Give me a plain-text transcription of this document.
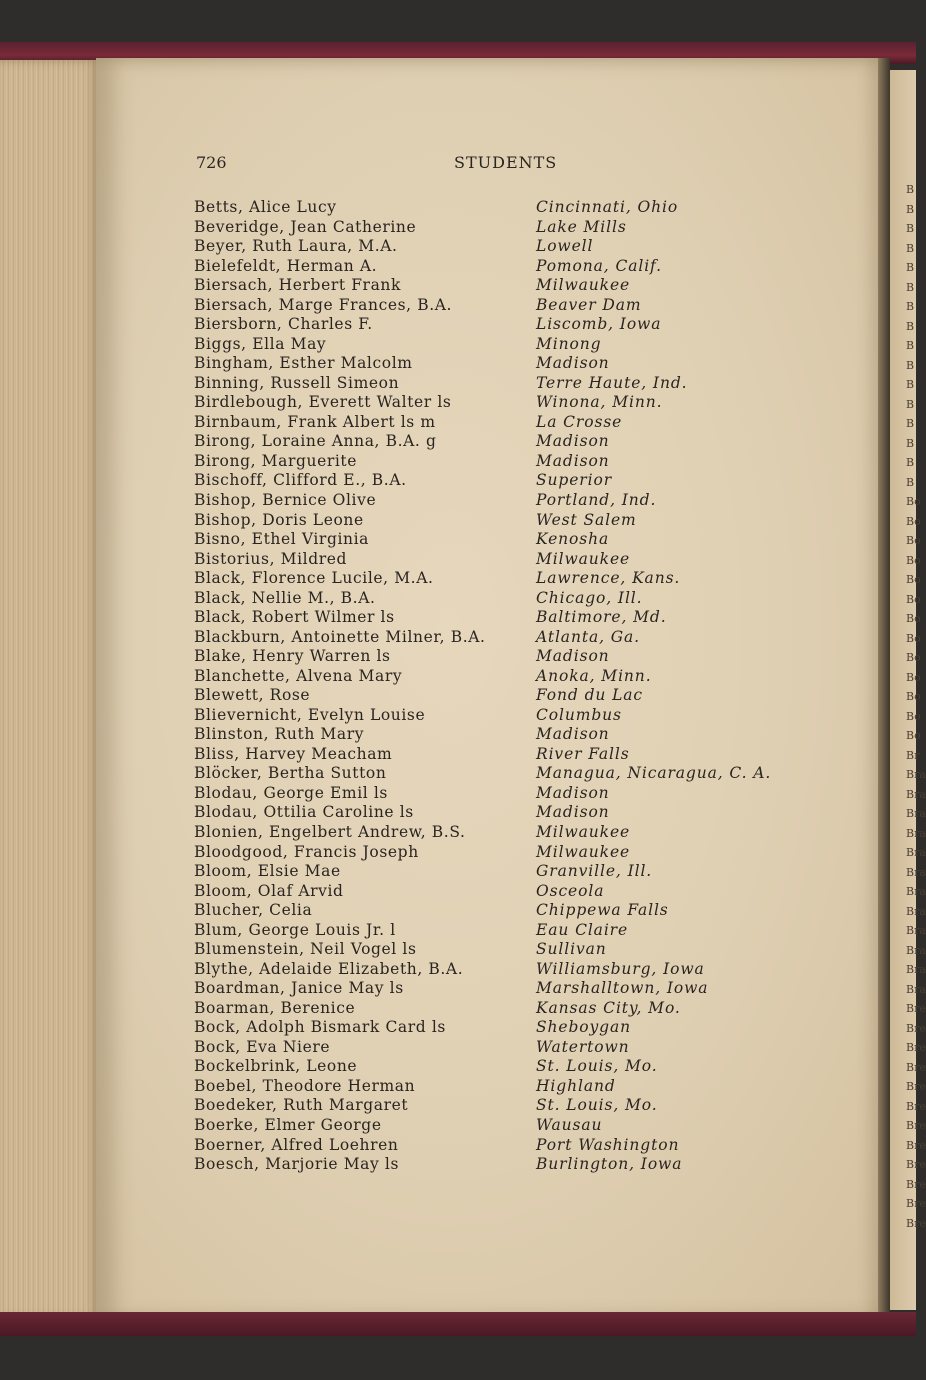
B
B
B
B
B
B
B
B
B
B
B
B
B
B
B
B
Bo
Bo
Bo
Bo
Bo
Bo
Bo
Bo
Bo
Bo
Bo
Bo
Bo
Br
Bra
Bra
Bra
Bra
Bra
Bra
Bra
Bra
Bra
Bra
Bra
Bra
Bre
Bre
Bre
Bre
Bre
Bre
Bre
Bre
Bre
Bre
Bre
Bre
726	STUDENTS
Betts, Alice Lucy	Cincinnati, Ohio
Beveridge, Jean Catherine	Lake Mills
Beyer, Ruth Laura, M.A.	Lowell
Bielefeldt, Herman A.	Pomona, Calif.
Biersach, Herbert Frank	Milwaukee
Biersach, Marge Frances, B.A.	Beaver Dam
Biersborn, Charles F.	Liscomb, Iowa
Biggs, Ella May	Minong
Bingham, Esther Malcolm	Madison
Binning, Russell Simeon	Terre Haute, Ind.
Birdlebough, Everett Walter ls	Winona, Minn.
Birnbaum, Frank Albert ls m	La Crosse
Birong, Loraine Anna, B.A. g	Madison
Birong, Marguerite	Madison
Bischoff, Clifford E., B.A.	Superior
Bishop, Bernice Olive	Portland, Ind.
Bishop, Doris Leone	West Salem
Bisno, Ethel Virginia	Kenosha
Bistorius, Mildred	Milwaukee
Black, Florence Lucile, M.A.	Lawrence, Kans.
Black, Nellie M., B.A.	Chicago, Ill.
Black, Robert Wilmer ls	Baltimore, Md.
Blackburn, Antoinette Milner, B.A.	Atlanta, Ga.
Blake, Henry Warren ls	Madison
Blanchette, Alvena Mary	Anoka, Minn.
Blewett, Rose	Fond du Lac
Blievernicht, Evelyn Louise	Columbus
Blinston, Ruth Mary	Madison
Bliss, Harvey Meacham	River Falls
Blöcker, Bertha Sutton	Managua, Nicaragua, C. A.
Blodau, George Emil ls	Madison
Blodau, Ottilia Caroline ls	Madison
Blonien, Engelbert Andrew, B.S.	Milwaukee
Bloodgood, Francis Joseph	Milwaukee
Bloom, Elsie Mae	Granville, Ill.
Bloom, Olaf Arvid	Osceola
Blucher, Celia	Chippewa Falls
Blum, George Louis Jr. l	Eau Claire
Blumenstein, Neil Vogel ls	Sullivan
Blythe, Adelaide Elizabeth, B.A.	Williamsburg, Iowa
Boardman, Janice May ls	Marshalltown, Iowa
Boarman, Berenice	Kansas City, Mo.
Bock, Adolph Bismark Card ls	Sheboygan
Bock, Eva Niere	Watertown
Bockelbrink, Leone	St. Louis, Mo.
Boebel, Theodore Herman	Highland
Boedeker, Ruth Margaret	St. Louis, Mo.
Boerke, Elmer George	Wausau
Boerner, Alfred Loehren	Port Washington
Boesch, Marjorie May ls	Burlington, Iowa
